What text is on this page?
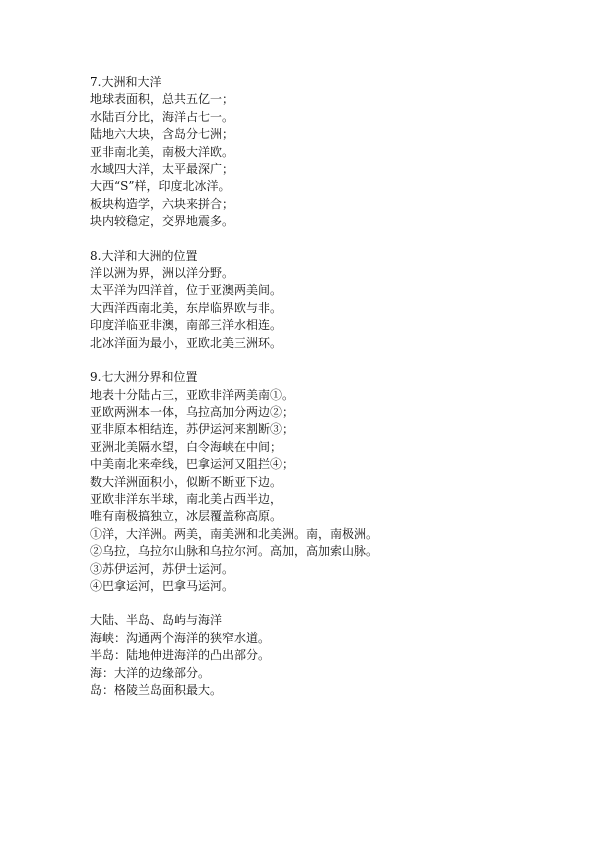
7.大洲和大洋
地球表面积，总共五亿一；
水陆百分比，海洋占七一。
陆地六大块，含岛分七洲；
亚非南北美，南极大洋欧。
水域四大洋，太平最深广；
大西“S”样，印度北冰洋。
板块构造学，六块来拼合；
块内较稳定，交界地震多。
8.大洋和大洲的位置
洋以洲为界，洲以洋分野。
太平洋为四洋首，位于亚澳两美间。
大西洋西南北美，东岸临界欧与非。
印度洋临亚非澳，南部三洋水相连。
北冰洋面为最小，亚欧北美三洲环。
9.七大洲分界和位置
地表十分陆占三，亚欧非洋两美南①。
亚欧两洲本一体，乌拉高加分两边②；
亚非原本相结连，苏伊运河来割断③；
亚洲北美隔水望，白令海峡在中间；
中美南北来牵线，巴拿运河又阻拦④；
数大洋洲面积小，似断不断亚下边。
亚欧非洋东半球，南北美占西半边，
唯有南极搞独立，冰层覆盖称高原。
①洋，大洋洲。两美，南美洲和北美洲。南，南极洲。
②乌拉，乌拉尔山脉和乌拉尔河。高加，高加索山脉。
③苏伊运河，苏伊士运河。
④巴拿运河，巴拿马运河。
大陆、半岛、岛屿与海洋
海峡：沟通两个海洋的狭窄水道。
半岛：陆地伸进海洋的凸出部分。
海：大洋的边缘部分。
岛：格陵兰岛面积最大。
